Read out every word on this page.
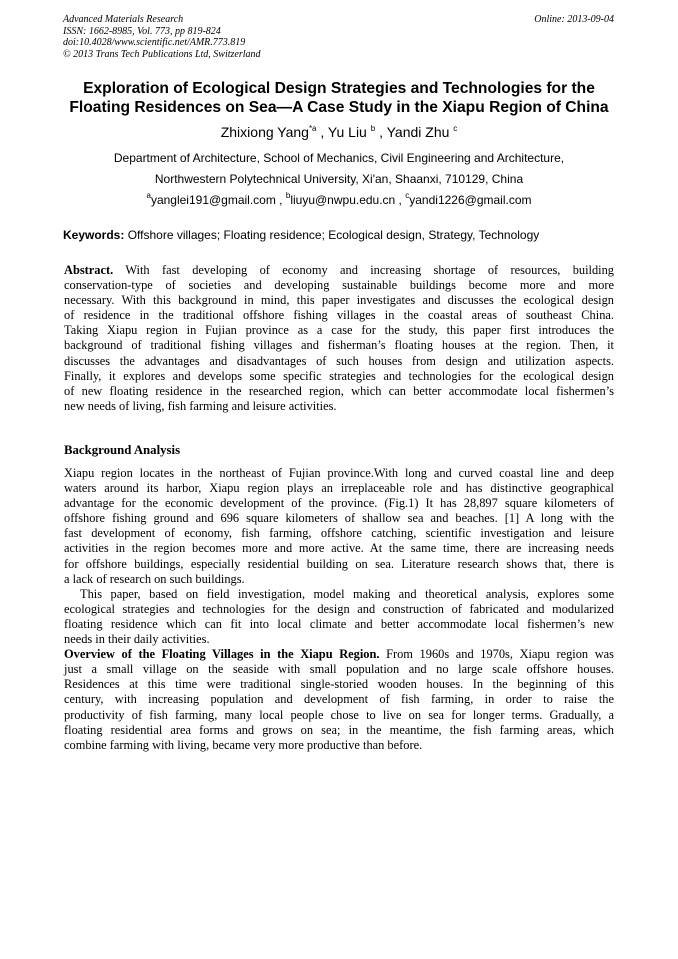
Advanced Materials Research
ISSN: 1662-8985, Vol. 773, pp 819-824
doi:10.4028/www.scientific.net/AMR.773.819
© 2013 Trans Tech Publications Ltd, Switzerland
Online: 2013-09-04
Exploration of Ecological Design Strategies and Technologies for the
Floating Residences on Sea—A Case Study in the Xiapu Region of China
Zhixiong Yang$^{*a}$ , Yu Liu $^b$ , Yandi Zhu $^c$
Department of Architecture, School of Mechanics, Civil Engineering and Architecture,
Northwestern Polytechnical University, Xi'an, Shaanxi, 710129, China
$^a$yanglei191@gmail.com , $^b$liuyu@nwpu.edu.cn , $^c$yandi1226@gmail.com
Keywords: Offshore villages; Floating residence; Ecological design, Strategy, Technology
Abstract. With fast developing of economy and increasing shortage of resources, building
conservation-type of societies and developing sustainable buildings become more and more
necessary. With this background in mind, this paper investigates and discusses the ecological design
of residence in the traditional offshore fishing villages in the coastal areas of southeast China.
Taking Xiapu region in Fujian province as a case for the study, this paper first introduces the
background of traditional fishing villages and fisherman’s floating houses at the region. Then, it
discusses the advantages and disadvantages of such houses from design and utilization aspects.
Finally, it explores and develops some specific strategies and technologies for the ecological design
of new floating residence in the researched region, which can better accommodate local fishermen’s
new needs of living, fish farming and leisure activities.
Background Analysis
Xiapu region locates in the northeast of Fujian province.With long and curved coastal line and deep
waters around its harbor, Xiapu region plays an irreplaceable role and has distinctive geographical
advantage for the economic development of the province. (Fig.1) It has 28,897 square kilometers of
offshore fishing ground and 696 square kilometers of shallow sea and beaches. [1] A long with the
fast development of economy, fish farming, offshore catching, scientific investigation and leisure
activities in the region becomes more and more active. At the same time, there are increasing needs
for offshore buildings, especially residential building on sea. Literature research shows that, there is
a lack of research on such buildings.
This paper, based on field investigation, model making and theoretical analysis, explores some
ecological strategies and technologies for the design and construction of fabricated and modularized
floating residence which can fit into local climate and better accommodate local fishermen’s new
needs in their daily activities.
Overview of the Floating Villages in the Xiapu Region. From 1960s and 1970s, Xiapu region was
just a small village on the seaside with small population and no large scale offshore houses.
Residences at this time were traditional single-storied wooden houses. In the beginning of this
century, with increasing population and development of fish farming, in order to raise the
productivity of fish farming, many local people chose to live on sea for longer terms. Gradually, a
floating residential area forms and grows on sea; in the meantime, the fish farming areas, which
combine farming with living, became very more productive than before.
